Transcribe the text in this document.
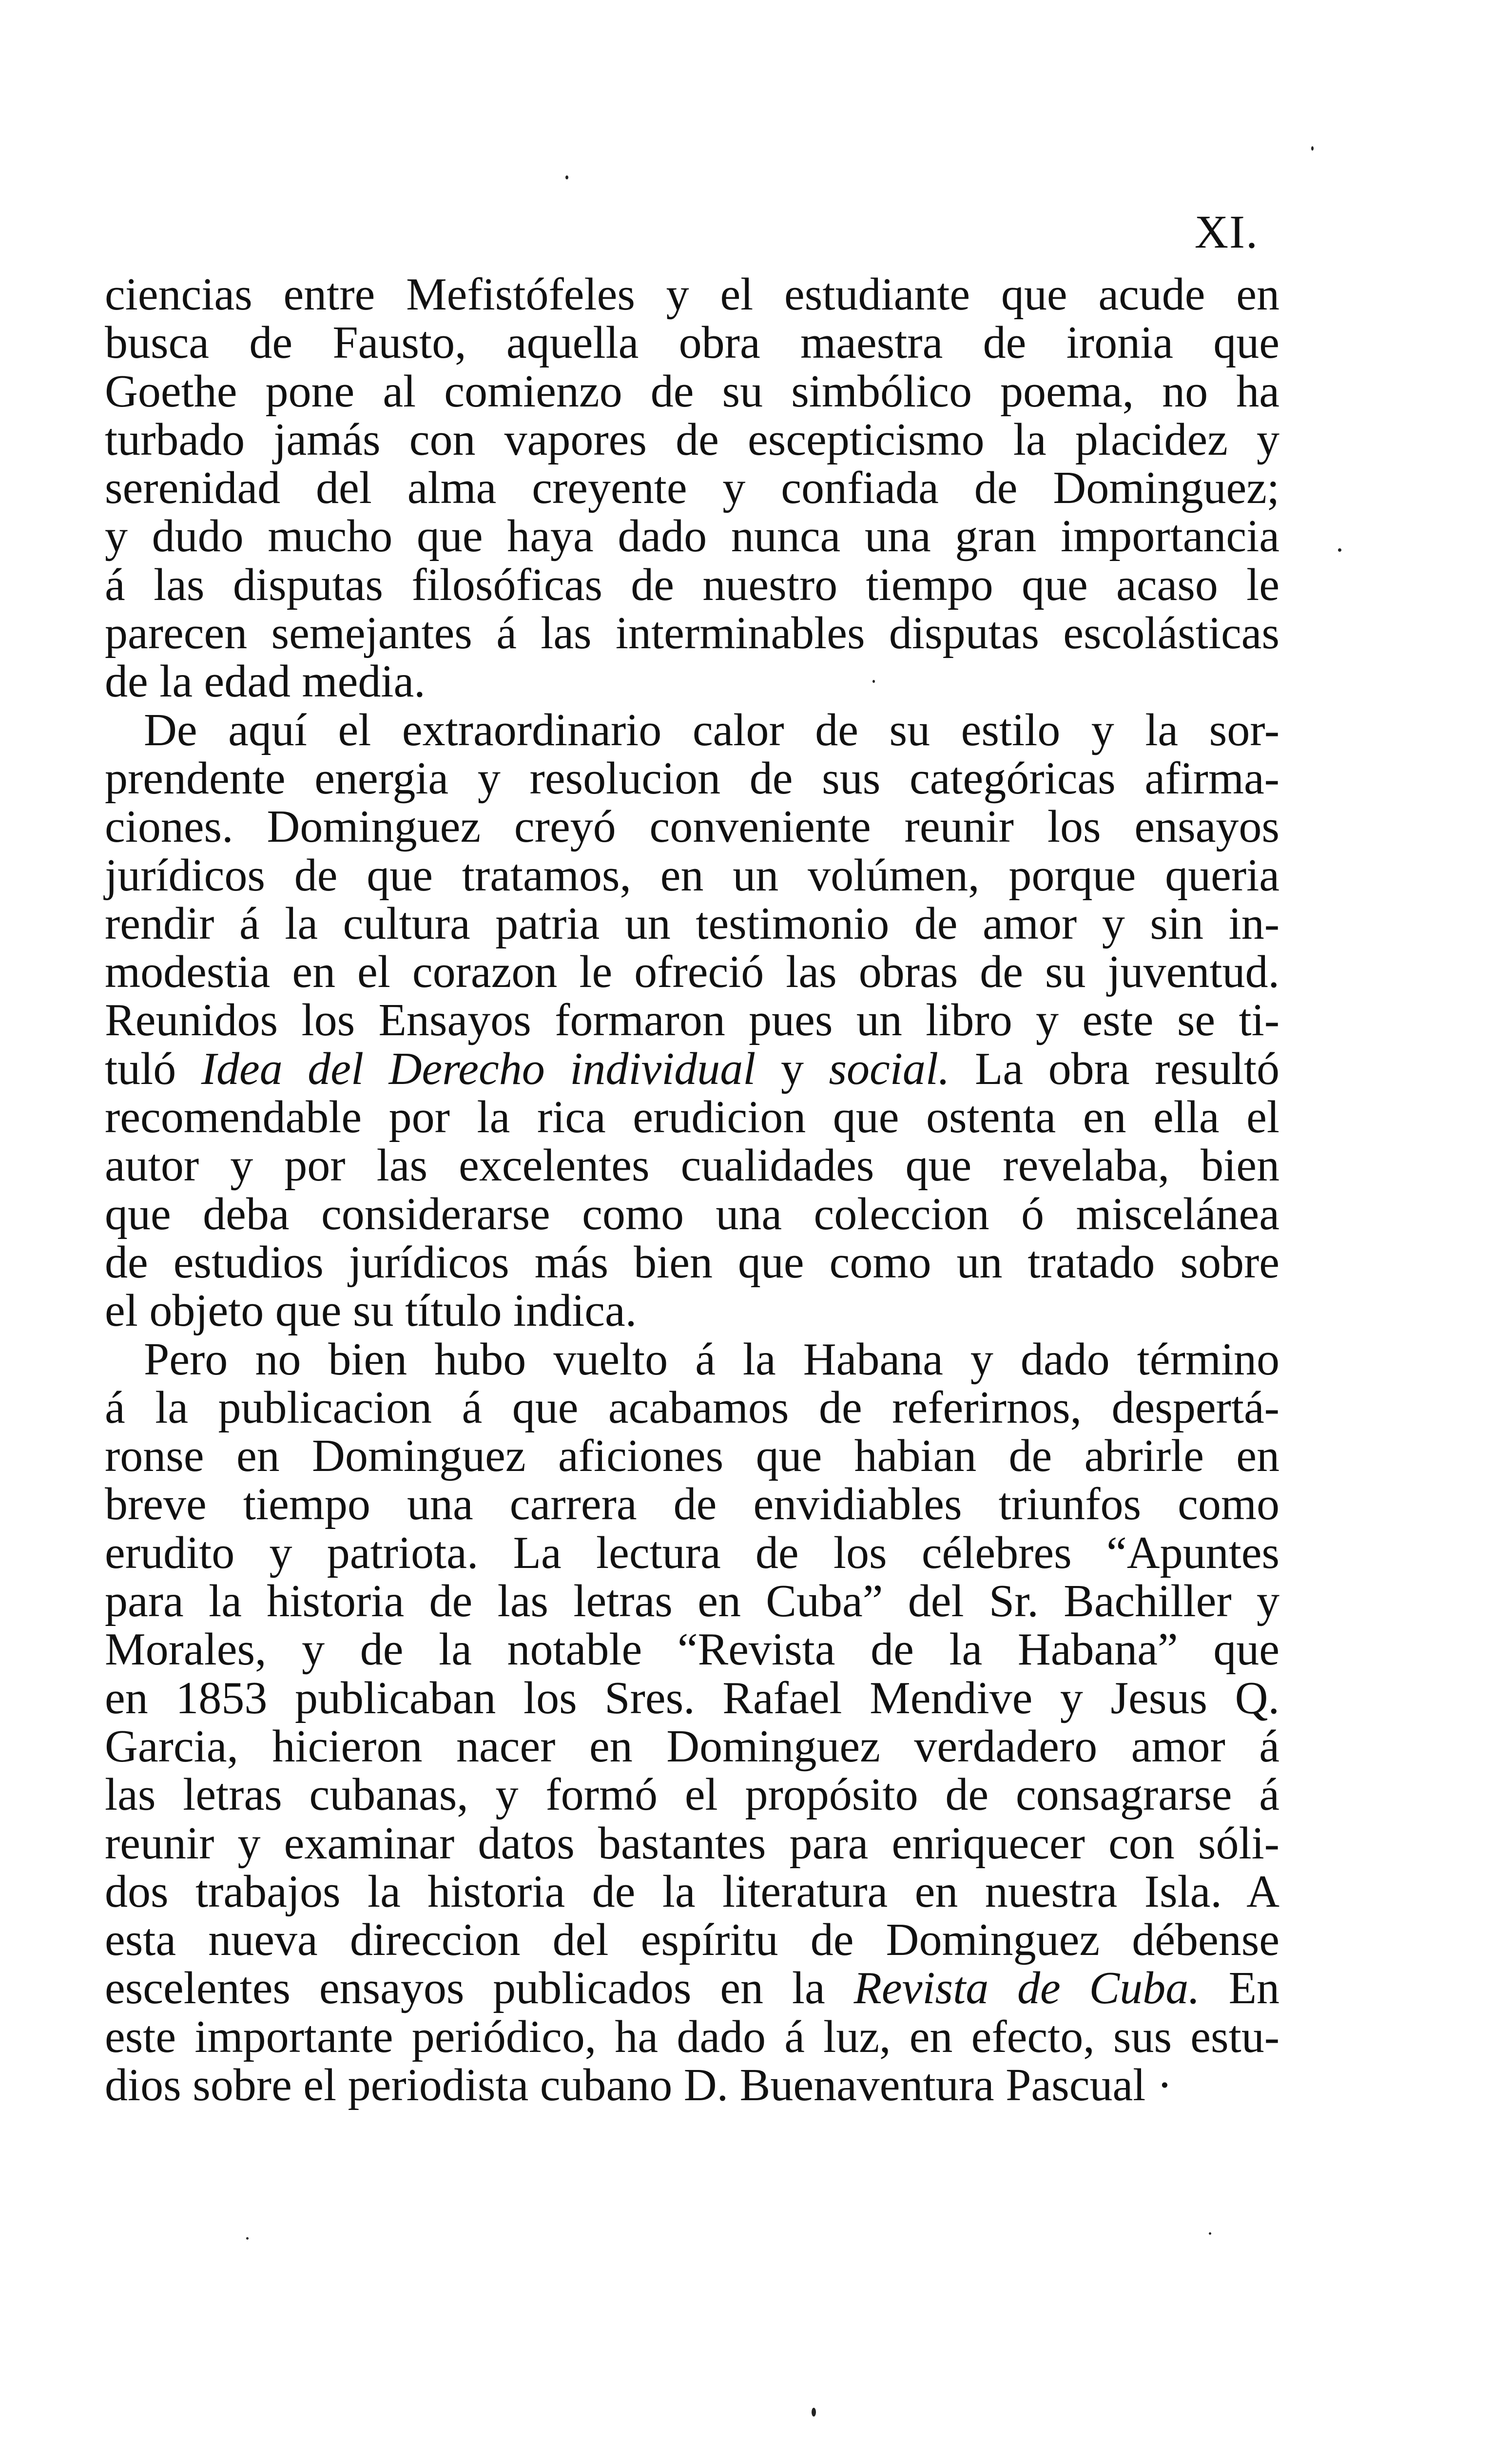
XI.
ciencias entre Mefistófeles y el estudiante que acude en
busca de Fausto, aquella obra maestra de ironia que
Goethe pone al comienzo de su simbólico poema, no ha
turbado jamás con vapores de escepticismo la placidez y
serenidad del alma creyente y confiada de Dominguez;
y dudo mucho que haya dado nunca una gran importancia
á las disputas filosóficas de nuestro tiempo que acaso le
parecen semejantes á las interminables disputas escolásticas
de la edad media.
De aquí el extraordinario calor de su estilo y la sor-
prendente energia y resolucion de sus categóricas afirma-
ciones. Dominguez creyó conveniente reunir los ensayos
jurídicos de que tratamos, en un volúmen, porque queria
rendir á la cultura patria un testimonio de amor y sin in-
modestia en el corazon le ofreció las obras de su juventud.
Reunidos los Ensayos formaron pues un libro y este se ti-
tuló Idea del Derecho individual y social. La obra resultó
recomendable por la rica erudicion que ostenta en ella el
autor y por las excelentes cualidades que revelaba, bien
que deba considerarse como una coleccion ó miscelánea
de estudios jurídicos más bien que como un tratado sobre
el objeto que su título indica.
Pero no bien hubo vuelto á la Habana y dado término
á la publicacion á que acabamos de referirnos, despertá-
ronse en Dominguez aficiones que habian de abrirle en
breve tiempo una carrera de envidiables triunfos como
erudito y patriota. La lectura de los célebres “Apuntes
para la historia de las letras en Cuba” del Sr. Bachiller y
Morales, y de la notable “Revista de la Habana” que
en 1853 publicaban los Sres. Rafael Mendive y Jesus Q.
Garcia, hicieron nacer en Dominguez verdadero amor á
las letras cubanas, y formó el propósito de consagrarse á
reunir y examinar datos bastantes para enriquecer con sóli-
dos trabajos la historia de la literatura en nuestra Isla. A
esta nueva direccion del espíritu de Dominguez débense
escelentes ensayos publicados en la Revista de Cuba. En
este importante periódico, ha dado á luz, en efecto, sus estu-
dios sobre el periodista cubano D. Buenaventura Pascual ·
